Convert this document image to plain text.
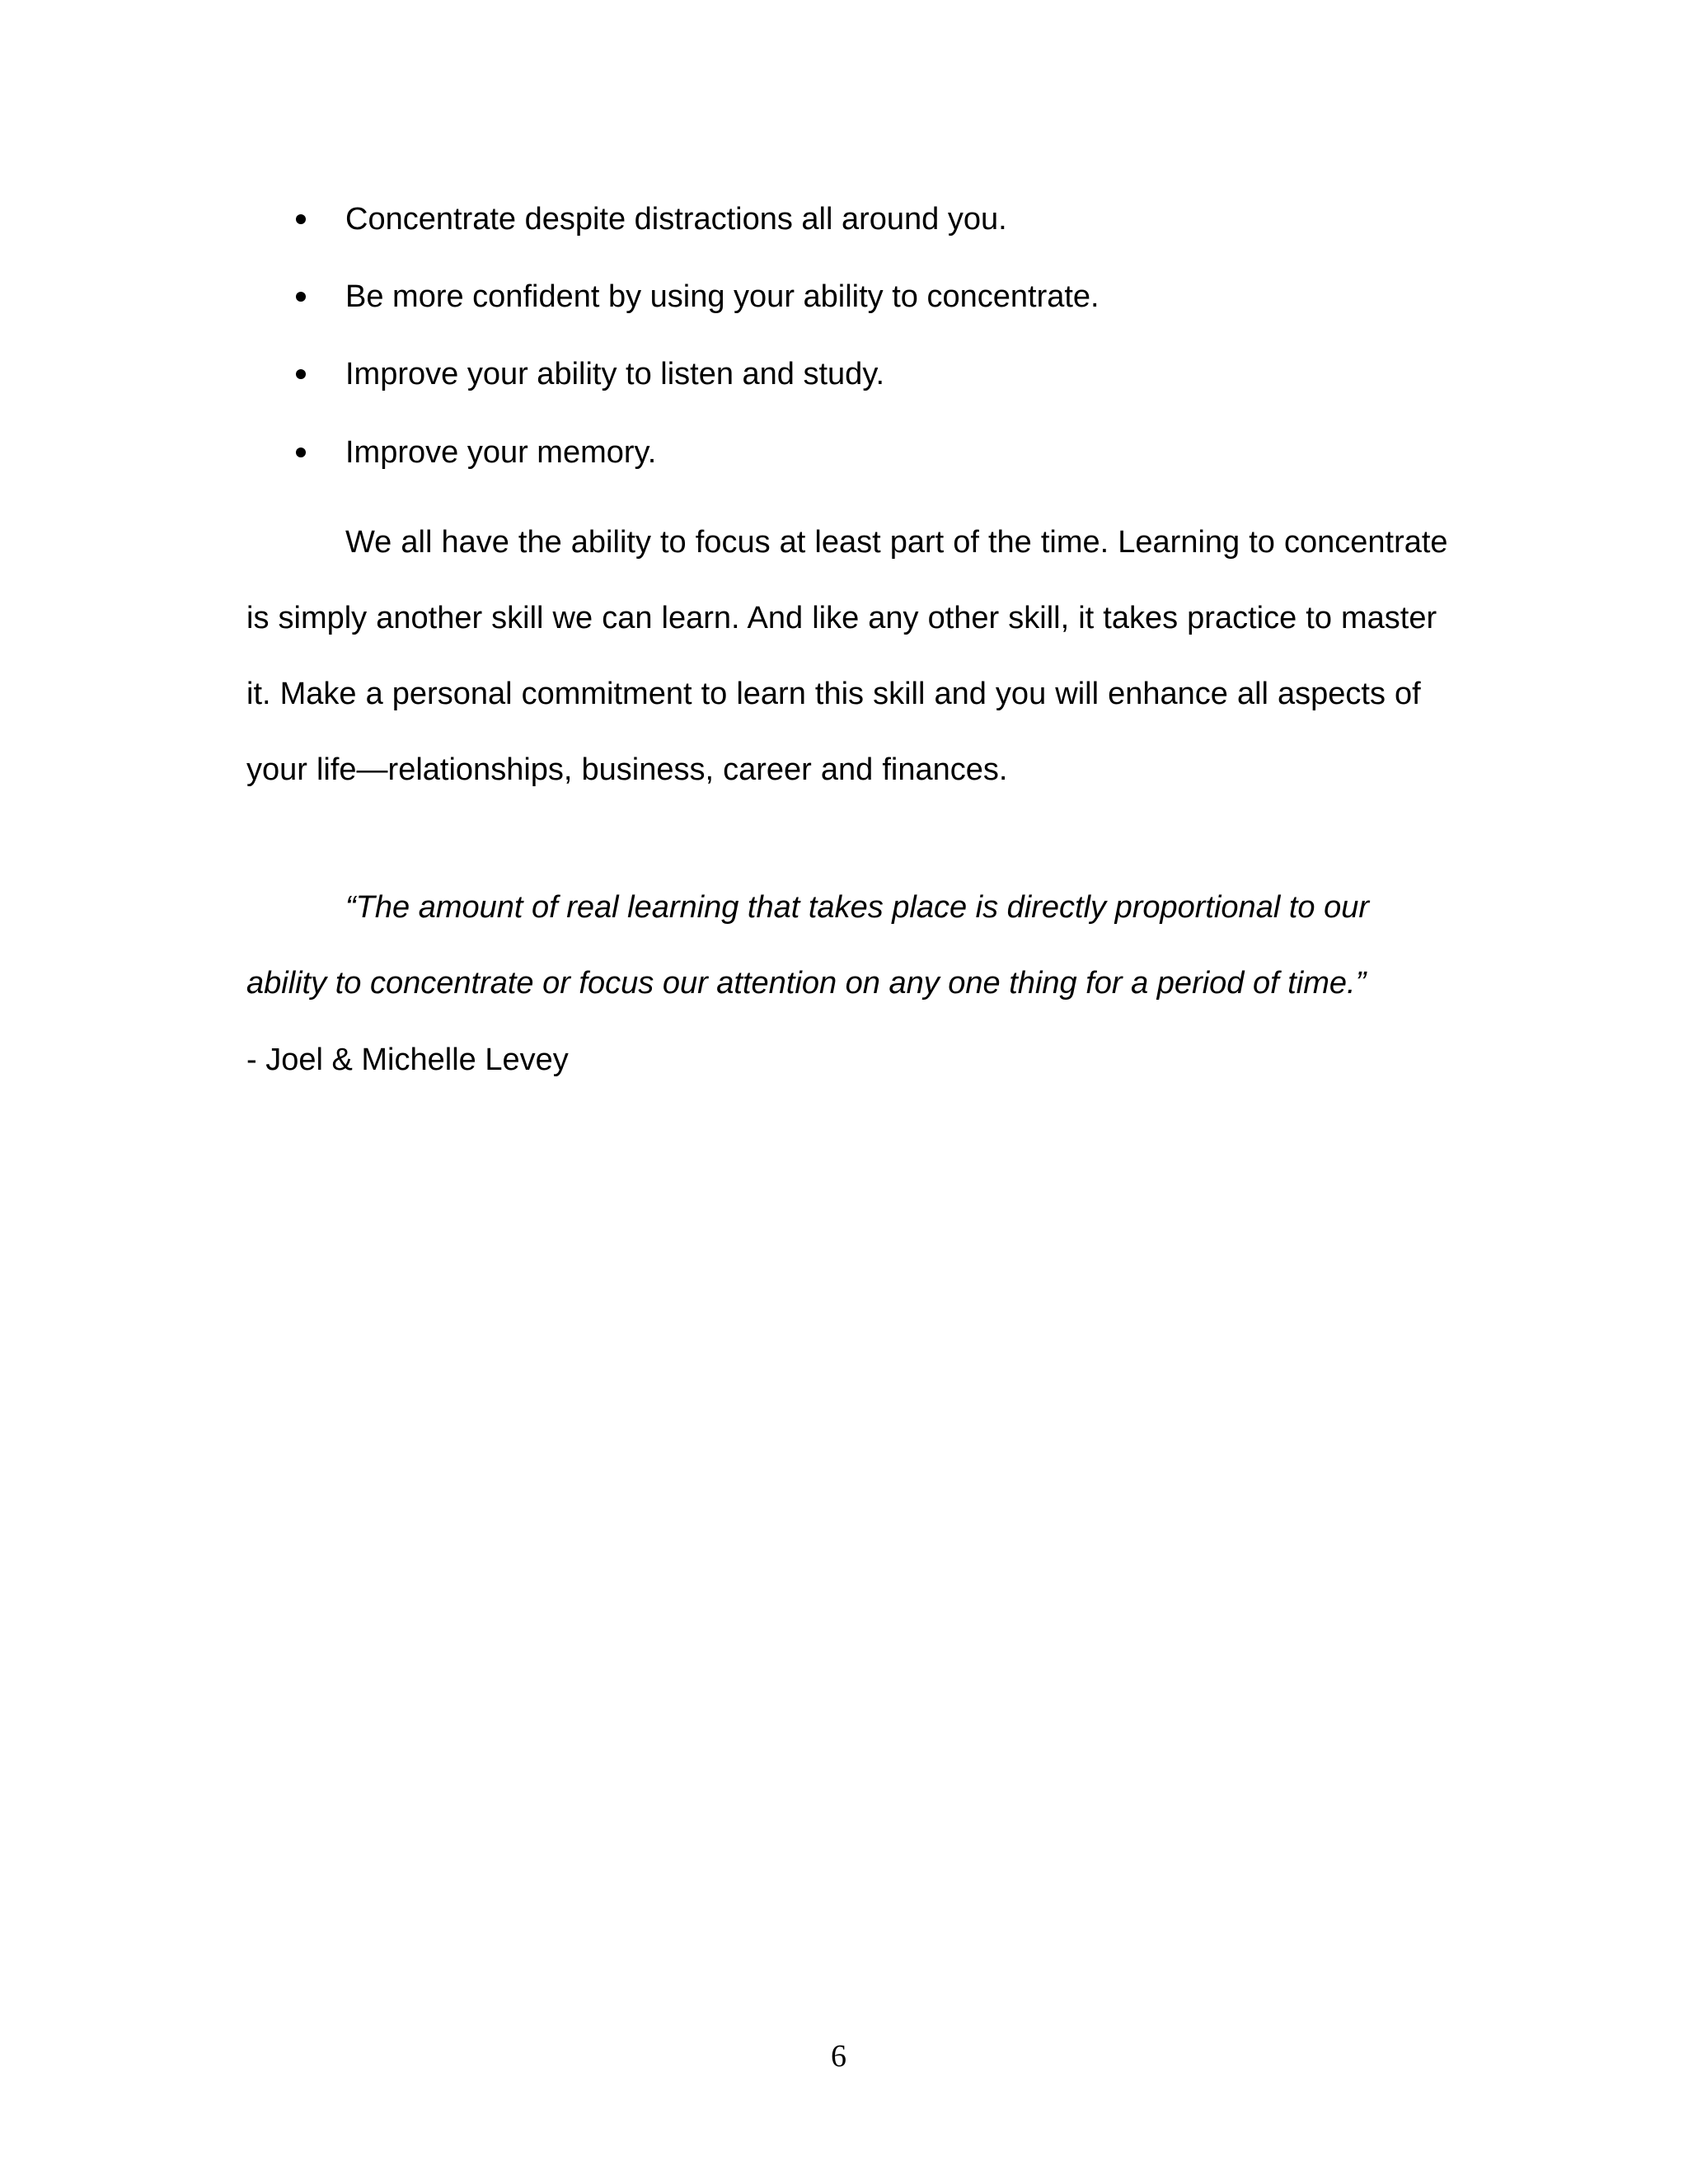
Concentrate despite distractions all around you.
Be more confident by using your ability to concentrate.
Improve your ability to listen and study.
Improve your memory.

We all have the ability to focus at least part of the time. Learning to concentrate is simply another skill we can learn. And like any other skill, it takes practice to master it. Make a personal commitment to learn this skill and you will enhance all aspects of your life—relationships, business, career and finances.

“The amount of real learning that takes place is directly proportional to our ability to concentrate or focus our attention on any one thing for a period of time.”

- Joel & Michelle Levey

6
